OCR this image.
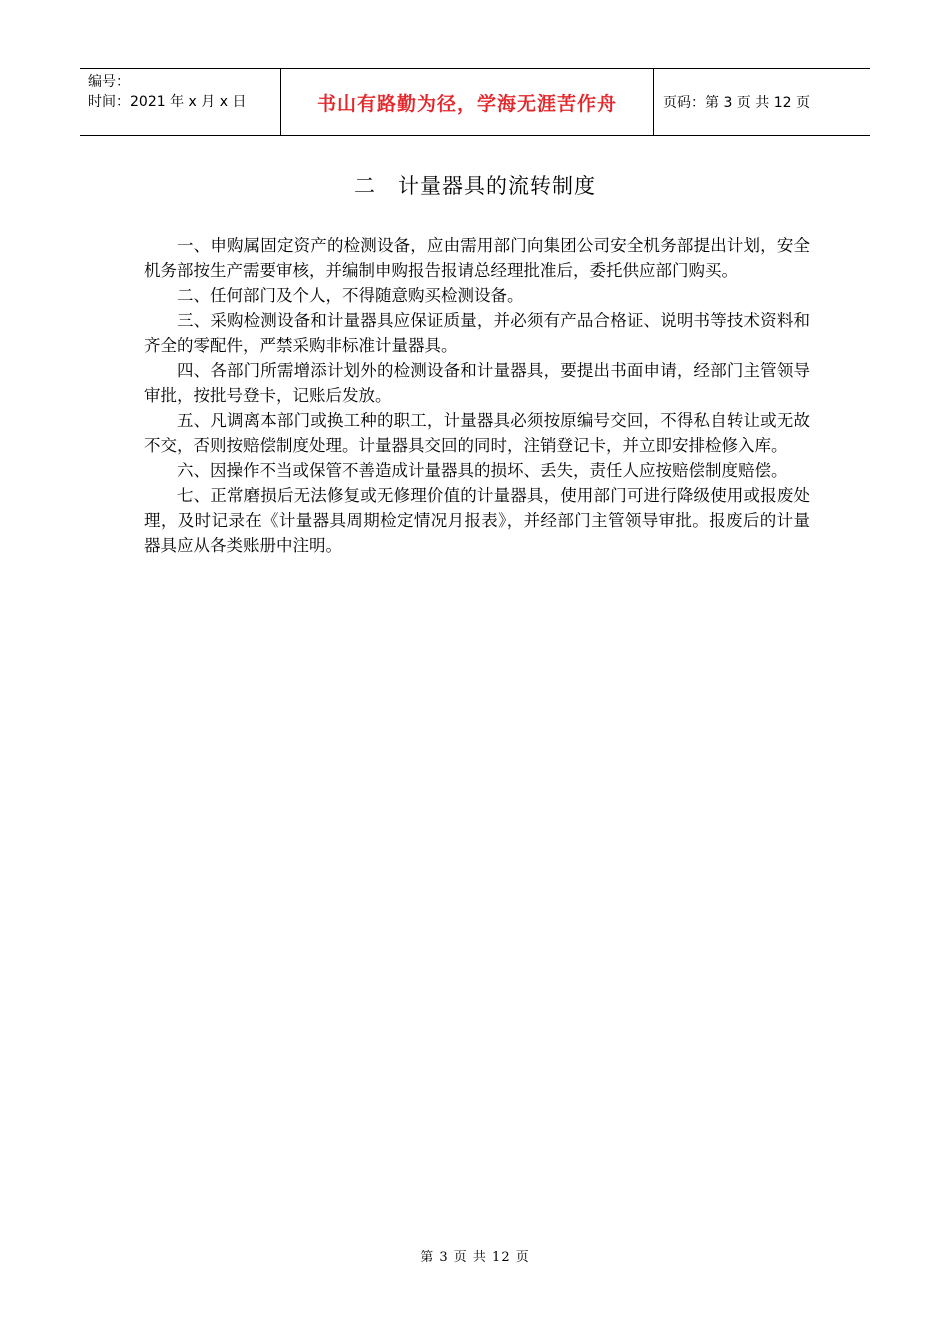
编号：
时间：2021 年 x 月 x 日	书山有路勤为径，学海无涯苦作舟	页码：第 3 页 共 12 页
二 计量器具的流转制度

一、申购属固定资产的检测设备，应由需用部门向集团公司安全机务部提出计划，安全机务部按生产需要审核，并编制申购报告报请总经理批准后，委托供应部门购买。

二、任何部门及个人，不得随意购买检测设备。

三、采购检测设备和计量器具应保证质量，并必须有产品合格证、说明书等技术资料和齐全的零配件，严禁采购非标准计量器具。

四、各部门所需增添计划外的检测设备和计量器具，要提出书面申请，经部门主管领导审批，按批号登卡，记账后发放。

五、凡调离本部门或换工种的职工，计量器具必须按原编号交回，不得私自转让或无故不交，否则按赔偿制度处理。计量器具交回的同时，注销登记卡，并立即安排检修入库。

六、因操作不当或保管不善造成计量器具的损坏、丢失，责任人应按赔偿制度赔偿。

七、正常磨损后无法修复或无修理价值的计量器具，使用部门可进行降级使用或报废处理，及时记录在《计量器具周期检定情况月报表》，并经部门主管领导审批。报废后的计量器具应从各类账册中注明。

第 3 页 共 12 页
